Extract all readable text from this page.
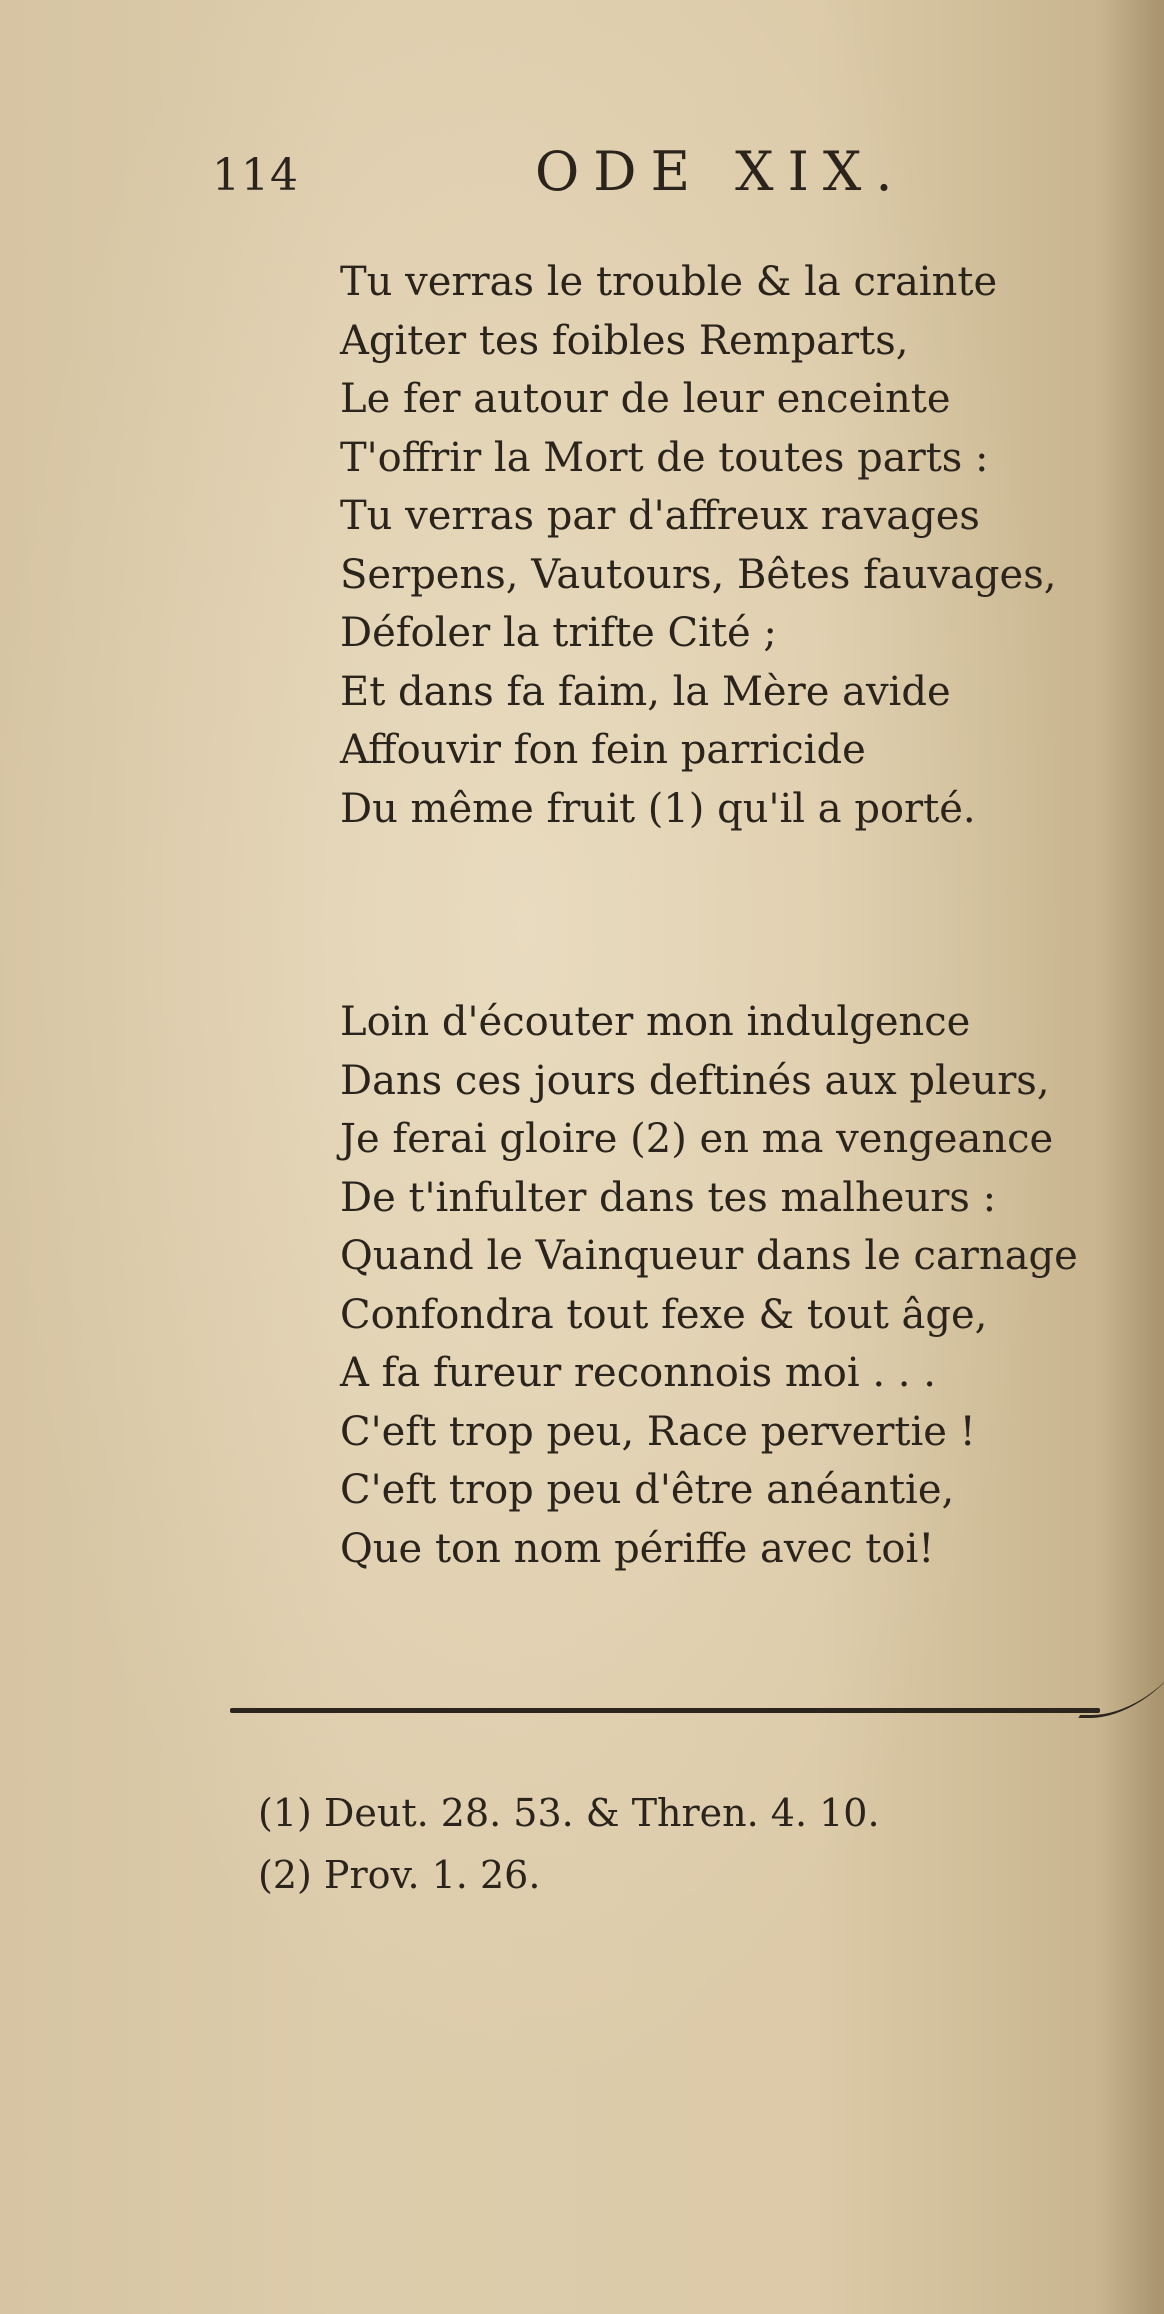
114	ODE XIX.
Tu verras le trouble & la crainte
Agiter tes foibles Remparts,
Le fer autour de leur enceinte
T'offrir la Mort de toutes parts :
Tu verras par d'affreux ravages
Serpens, Vautours, Bêtes fauvages,
Défoler la trifte Cité ;
Et dans fa faim, la Mère avide
Affouvir fon fein parricide
Du même fruit (1) qu'il a porté.
Loin d'écouter mon indulgence
Dans ces jours deftinés aux pleurs,
Je ferai gloire (2) en ma vengeance
De t'infulter dans tes malheurs :
Quand le Vainqueur dans le carnage
Confondra tout fexe & tout âge,
A fa fureur reconnois moi . . .
C'eft trop peu, Race pervertie !
C'eft trop peu d'être anéantie,
Que ton nom périffe avec toi!
(1) Deut. 28. 53. & Thren. 4. 10.
(2) Prov. 1. 26.
